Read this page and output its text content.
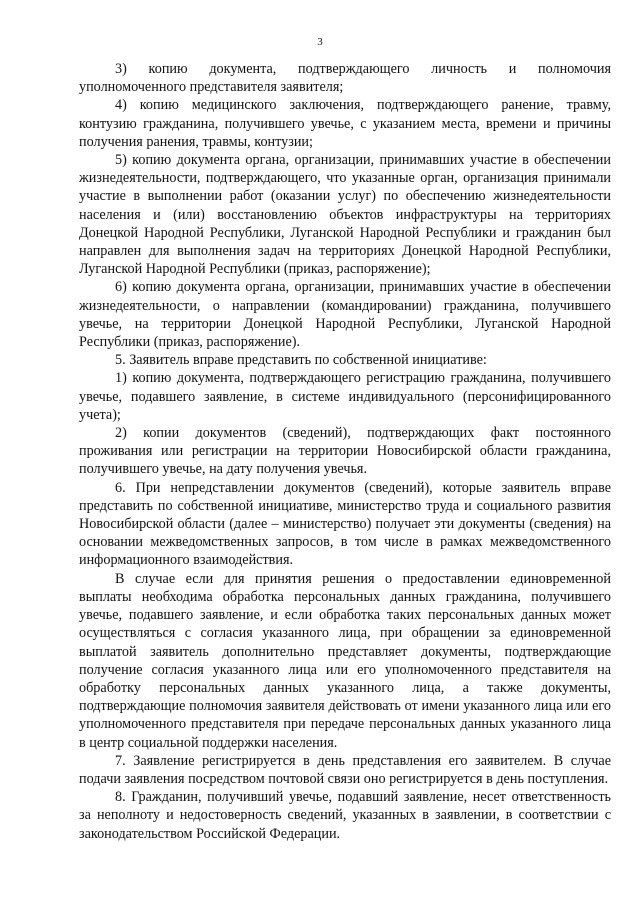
3

3) копию документа, подтверждающего личность и полномочия уполномоченного представителя заявителя;

4) копию медицинского заключения, подтверждающего ранение, травму, контузию гражданина, получившего увечье, с указанием места, времени и причины получения ранения, травмы, контузии;

5) копию документа органа, организации, принимавших участие в обеспечении жизнедеятельности, подтверждающего, что указанные орган, организация принимали участие в выполнении работ (оказании услуг) по обеспечению жизнедеятельности населения и (или) восстановлению объектов инфраструктуры на территориях Донецкой Народной Республики, Луганской Народной Республики и гражданин был направлен для выполнения задач на территориях Донецкой Народной Республики, Луганской Народной Республики (приказ, распоряжение);

6) копию документа органа, организации, принимавших участие в обеспечении жизнедеятельности, о направлении (командировании) гражданина, получившего увечье, на территории Донецкой Народной Республики, Луганской Народной Республики (приказ, распоряжение).

5. Заявитель вправе представить по собственной инициативе:

1) копию документа, подтверждающего регистрацию гражданина, получившего увечье, подавшего заявление, в системе индивидуального (персонифицированного учета);

2) копии документов (сведений), подтверждающих факт постоянного проживания или регистрации на территории Новосибирской области гражданина, получившего увечье, на дату получения увечья.

6. При непредставлении документов (сведений), которые заявитель вправе представить по собственной инициативе, министерство труда и социального развития Новосибирской области (далее – министерство) получает эти документы (сведения) на основании межведомственных запросов, в том числе в рамках межведомственного информационного взаимодействия.

В случае если для принятия решения о предоставлении единовременной выплаты необходима обработка персональных данных гражданина, получившего увечье, подавшего заявление, и если обработка таких персональных данных может осуществляться с согласия указанного лица, при обращении за единовременной выплатой заявитель дополнительно представляет документы, подтверждающие получение согласия указанного лица или его уполномоченного представителя на обработку персональных данных указанного лица, а также документы, подтверждающие полномочия заявителя действовать от имени указанного лица или его уполномоченного представителя при передаче персональных данных указанного лица в центр социальной поддержки населения.

7. Заявление регистрируется в день представления его заявителем. В случае подачи заявления посредством почтовой связи оно регистрируется в день поступления.

8. Гражданин, получивший увечье, подавший заявление, несет ответственность за неполноту и недостоверность сведений, указанных в заявлении, в соответствии с законодательством Российской Федерации.
